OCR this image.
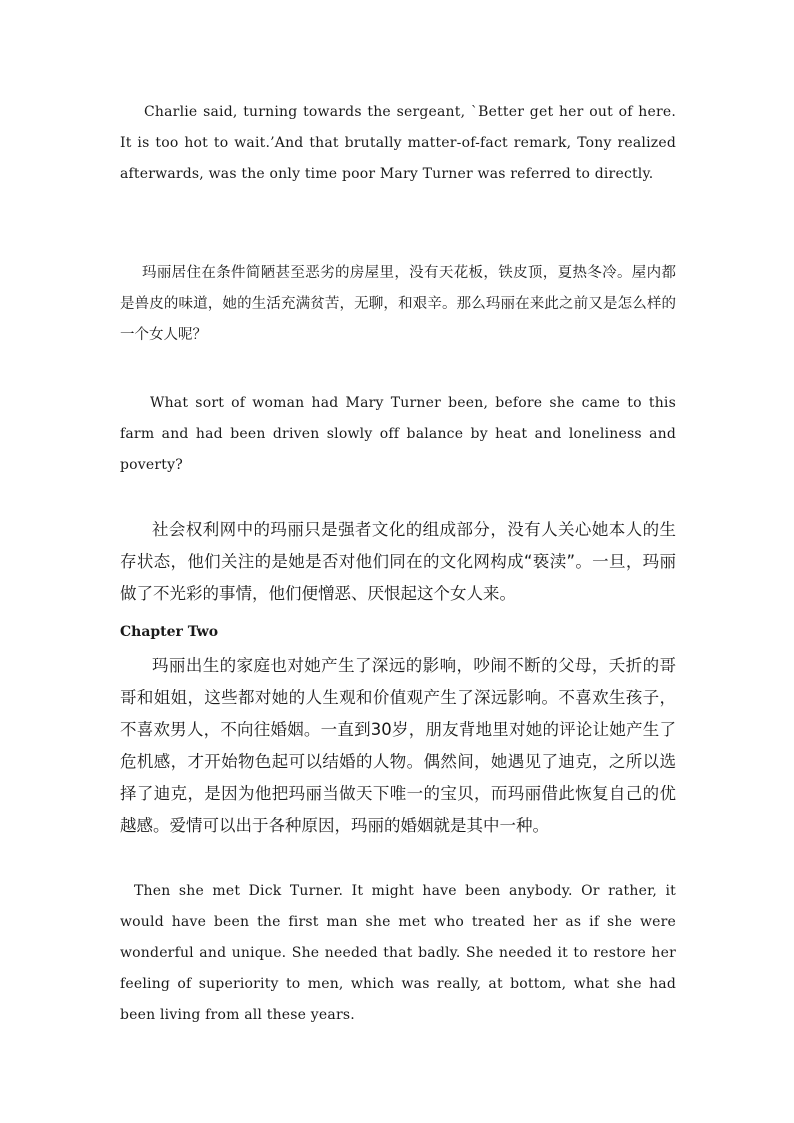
Charlie said, turning towards the sergeant, `Better get her out of here. It is too hot to wait.’And that brutally matter-of-fact remark, Tony realized afterwards, was the only time poor Mary Turner was referred to directly.

玛丽居住在条件简陋甚至恶劣的房屋里，没有天花板，铁皮顶，夏热冬冷。屋内都是兽皮的味道，她的生活充满贫苦，无聊，和艰辛。那么玛丽在来此之前又是怎么样的一个女人呢？

What sort of woman had Mary Turner been, before she came to this farm and had been driven slowly off balance by heat and loneliness and poverty?

社会权利网中的玛丽只是强者文化的组成部分，没有人关心她本人的生存状态，他们关注的是她是否对他们同在的文化网构成“亵渎”。一旦，玛丽做了不光彩的事情，他们便憎恶、厌恨起这个女人来。

Chapter Two

玛丽出生的家庭也对她产生了深远的影响，吵闹不断的父母，夭折的哥哥和姐姐，这些都对她的人生观和价值观产生了深远影响。不喜欢生孩子，不喜欢男人，不向往婚姻。一直到30岁，朋友背地里对她的评论让她产生了危机感，才开始物色起可以结婚的人物。偶然间，她遇见了迪克，之所以选择了迪克，是因为他把玛丽当做天下唯一的宝贝，而玛丽借此恢复自己的优越感。爱情可以出于各种原因，玛丽的婚姻就是其中一种。

Then she met Dick Turner. It might have been anybody. Or rather, it would have been the first man she met who treated her as if she were wonderful and unique. She needed that badly. She needed it to restore her feeling of superiority to men, which was really, at bottom, what she had been living from all these years.
